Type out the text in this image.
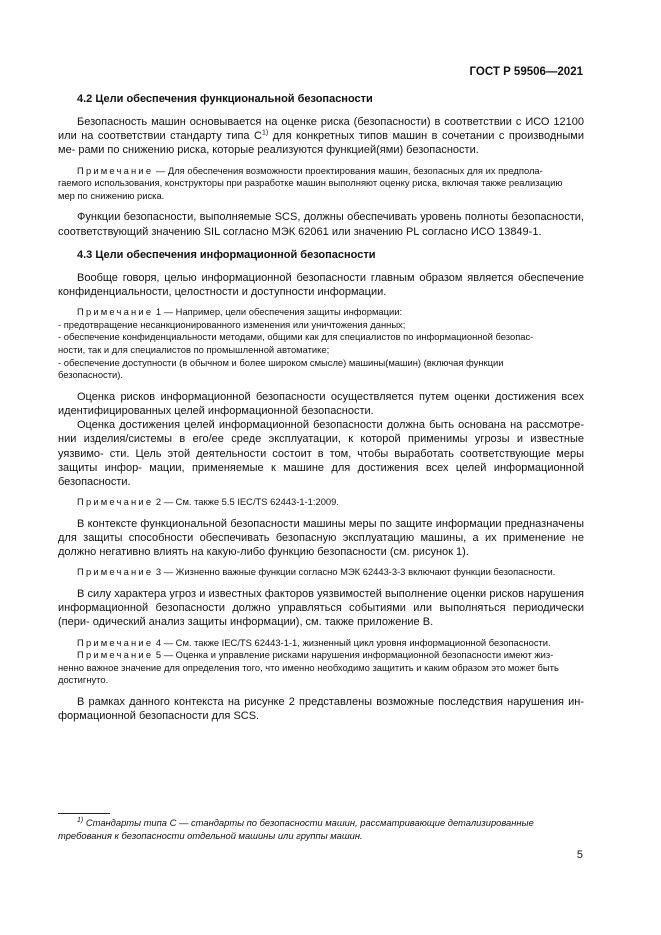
ГОСТ Р 59506—2021
4.2 Цели обеспечения функциональной безопасности

Безопасность машин основывается на оценке риска (безопасности) в соответствии с ИСО 12100 или на соответствии стандарту типа $С^{1)}$ для конкретных типов машин в сочетании с производными ме- рами по снижению риска, которые реализуются функцией(ями) безопасности.

Примечание — Для обеспечения возможности проектирования машин, безопасных для их предпола-
гаемого использования, конструкторы при разработке машин выполняют оценку риска, включая также реализацию
мер по снижению риска.

Функции безопасности, выполняемые SCS, должны обеспечивать уровень полноты безопасности, соответствующий значению SIL согласно МЭК 62061 или значению PL согласно ИСО 13849-1.

4.3 Цели обеспечения информационной безопасности

Вообще говоря, целью информационной безопасности главным образом является обеспечение конфиденциальности, целостности и доступности информации.

Примечание 1 — Например, цели обеспечения защиты информации:
- предотвращение несанкционированного изменения или уничтожения данных;
- обеспечение конфиденциальности методами, общими как для специалистов по информационной безопас-
ности, так и для специалистов по промышленной автоматике;
- обеспечение доступности (в обычном и более широком смысле) машины(машин) (включая функции
безопасности).

Оценка рисков информационной безопасности осуществляется путем оценки достижения всех идентифицированных целей информационной безопасности.

Оценка достижения целей информационной безопасности должна быть основана на рассмотре- нии изделия/системы в его/ее среде эксплуатации, к которой применимы угрозы и известные уязвимо- сти. Цель этой деятельности состоит в том, чтобы выработать соответствующие меры защиты инфор- мации, применяемые к машине для достижения всех целей информационной безопасности.

Примечание 2 — См. также 5.5 IEC/TS 62443-1-1:2009.

В контексте функциональной безопасности машины меры по защите информации предназначены для защиты способности обеспечивать безопасную эксплуатацию машины, а их применение не должно негативно влиять на какую-либо функцию безопасности (см. рисунок 1).

Примечание 3 — Жизненно важные функции согласно МЭК 62443-3-3 включают функции безопасности.

В силу характера угроз и известных факторов уязвимостей выполнение оценки рисков нарушения информационной безопасности должно управляться событиями или выполняться периодически (пери- одический анализ защиты информации), см. также приложение В.

Примечание 4 — См. также IEC/TS 62443-1-1, жизненный цикл уровня информационной безопасности.
Примечание 5 — Оценка и управление рисками нарушения информационной безопасности имеют жиз-
ненно важное значение для определения того, что именно необходимо защитить и каким образом это может быть
достигнуто.

В рамках данного контекста на рисунке 2 представлены возможные последствия нарушения ин- формационной безопасности для SCS.

$^{1)}$ Стандарты типа С — стандарты по безопасности машин, рассматривающие детализированные
требования к безопасности отдельной машины или группы машин.
5
